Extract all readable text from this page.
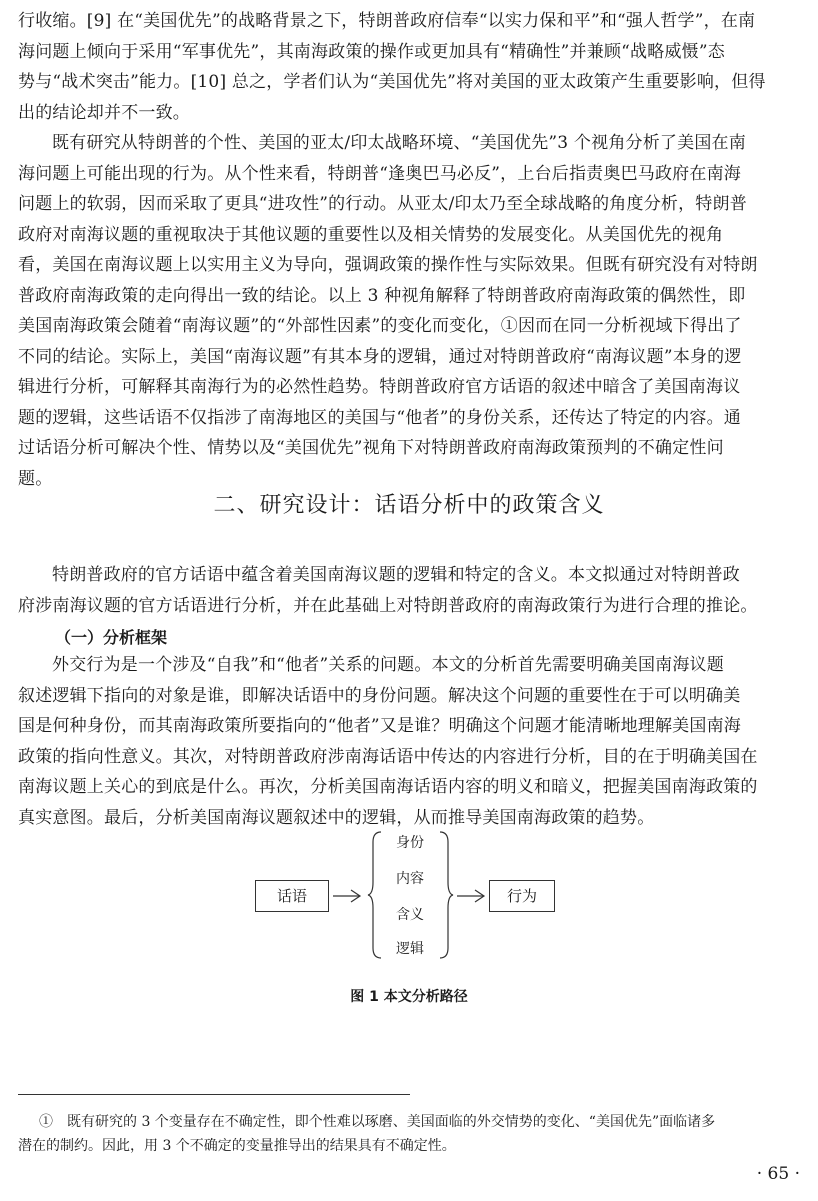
行收缩。[9] 在“美国优先”的战略背景之下，特朗普政府信奉“以实力保和平”和“强人哲学”，在南
海问题上倾向于采用“军事优先”，其南海政策的操作或更加具有“精确性”并兼顾“战略威慑”态
势与“战术突击”能力。[10] 总之，学者们认为“美国优先”将对美国的亚太政策产生重要影响，但得
出的结论却并不一致。
既有研究从特朗普的个性、美国的亚太/印太战略环境、“美国优先”3 个视角分析了美国在南
海问题上可能出现的行为。从个性来看，特朗普“逢奥巴马必反”，上台后指责奥巴马政府在南海
问题上的软弱，因而采取了更具“进攻性”的行动。从亚太/印太乃至全球战略的角度分析，特朗普
政府对南海议题的重视取决于其他议题的重要性以及相关情势的发展变化。从美国优先的视角
看，美国在南海议题上以实用主义为导向，强调政策的操作性与实际效果。但既有研究没有对特朗
普政府南海政策的走向得出一致的结论。以上 3 种视角解释了特朗普政府南海政策的偶然性，即
美国南海政策会随着“南海议题”的“外部性因素”的变化而变化，①因而在同一分析视域下得出了
不同的结论。实际上，美国“南海议题”有其本身的逻辑，通过对特朗普政府“南海议题”本身的逻
辑进行分析，可解释其南海行为的必然性趋势。特朗普政府官方话语的叙述中暗含了美国南海议
题的逻辑，这些话语不仅指涉了南海地区的美国与“他者”的身份关系，还传达了特定的内容。通
过话语分析可解决个性、情势以及“美国优先”视角下对特朗普政府南海政策预判的不确定性问
题。
二、研究设计：话语分析中的政策含义
特朗普政府的官方话语中蕴含着美国南海议题的逻辑和特定的含义。本文拟通过对特朗普政
府涉南海议题的官方话语进行分析，并在此基础上对特朗普政府的南海政策行为进行合理的推论。
（一）分析框架
外交行为是一个涉及“自我”和“他者”关系的问题。本文的分析首先需要明确美国南海议题
叙述逻辑下指向的对象是谁，即解决话语中的身份问题。解决这个问题的重要性在于可以明确美
国是何种身份，而其南海政策所要指向的“他者”又是谁？明确这个问题才能清晰地理解美国南海
政策的指向性意义。其次，对特朗普政府涉南海话语中传达的内容进行分析，目的在于明确美国在
南海议题上关心的到底是什么。再次，分析美国南海话语内容的明义和暗义，把握美国南海政策的
真实意图。最后，分析美国南海议题叙述中的逻辑，从而推导美国南海政策的趋势。
话语
身份
内容
含义
逻辑
行为
图 1 本文分析路径
①　既有研究的 3 个变量存在不确定性，即个性难以琢磨、美国面临的外交情势的变化、“美国优先”面临诸多
潜在的制约。因此，用 3 个不确定的变量推导出的结果具有不确定性。
· 65 ·
